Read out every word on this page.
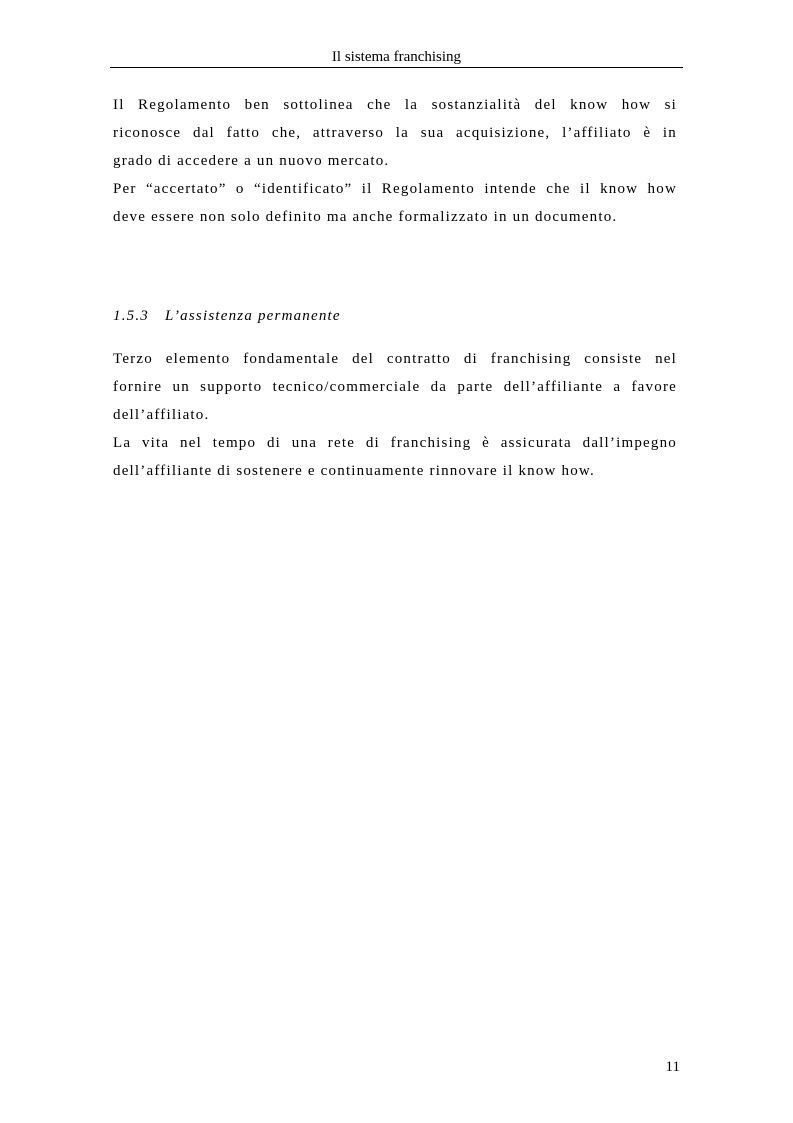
Il sistema franchising

Il Regolamento ben sottolinea che la sostanzialità del know how si
riconosce dal fatto che, attraverso la sua acquisizione, l’affiliato è in
grado di accedere a un nuovo mercato.

Per “accertato” o “identificato” il Regolamento intende che il know how
deve essere non solo definito ma anche formalizzato in un documento.

1.5.3 L’assistenza permanente

Terzo elemento fondamentale del contratto di franchising consiste nel
fornire un supporto tecnico/commerciale da parte dell’affiliante a favore
dell’affiliato.

La vita nel tempo di una rete di franchising è assicurata dall’impegno
dell’affiliante di sostenere e continuamente rinnovare il know how.

11
